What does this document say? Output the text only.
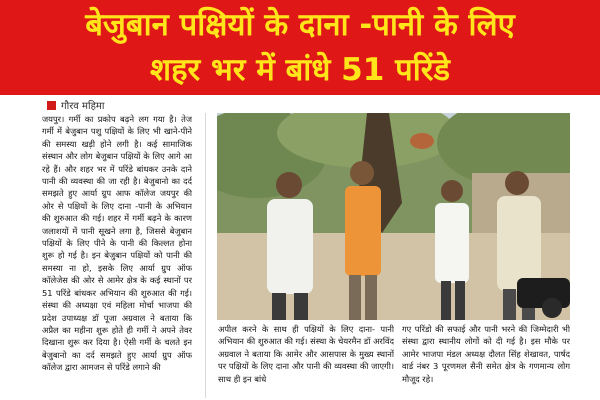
बेजुबान पक्षियों के दाना -पानी के लिए
शहर भर में बांधे 51 परिंडे
गौरव महिमा

जयपुर। गर्मी का प्रकोप बढ़ने लग गया है। तेज गर्मी में बेजुबान पशु पक्षियों के लिए भी खाने-पीने की समस्या खड़ी होने लगी है। कई सामाजिक संस्थान और लोग बेजुबान पक्षियों के लिए आगे आ रहे हैं। और शहर भर में परिंडे बांधकर उनके दाने पानी की व्यवस्था की जा रही है। बेजुबानो का दर्द समझते हुए आर्या ग्रुप आफ कॉलेज जयपुर की ओर से पक्षियों के लिए दाना -पानी के अभियान की शुरुआत की गई। शहर में गर्मी बढ़ने के कारण जलाशयों में पानी सूखने लगा है, जिससे बेजुबान पक्षियों के लिए पीने के पानी की किल्लत होना शुरू हो गई है। इन बेजुबान पक्षियों को पानी की समस्या ना हो, इसके लिए आर्या ग्रुप ऑफ कॉलेजेस की ओर से आमेर क्षेत्र के कई स्थानों पर 51 परिंडे बांधकर अभियान की शुरुआत की गई। संस्था की अध्यक्षा एवं महिला मोर्चा भाजपा की प्रदेश उपाध्यक्ष डॉ पूजा अग्रवाल ने बताया कि अप्रैल का महीना शुरू होते ही गर्मी ने अपने तेवर दिखाना शुरू कर दिया है। ऐसी गर्मी के चलते इन बेजुबानो का दर्द समझते हुए आर्या ग्रुप ऑफ कॉलेज द्वारा आमजन से परिंडे लगाने की

अपील करने के साथ ही पक्षियों के लिए दाना- पानी अभियान की शुरुआत की गई। संस्था के चेयरमैन डॉ अरविंद अग्रवाल ने बताया कि आमेर और आसपास के मुख्य स्थानों पर पक्षियों के लिए दाना और पानी की व्यवस्था की जाएगी। साथ ही इन बांधे

गए परिंडो की सफाई और पानी भरने की जिम्मेदारी भी संस्था द्वारा स्थानीय लोगों को दी गई है। इस मौके पर आमेर भाजपा मंडल अध्यक्ष दौलत सिंह शेखावत, पार्षद वार्ड नंबर 3 पूरणमल सैनी समेत क्षेत्र के गणमान्य लोग मौजूद रहे।
